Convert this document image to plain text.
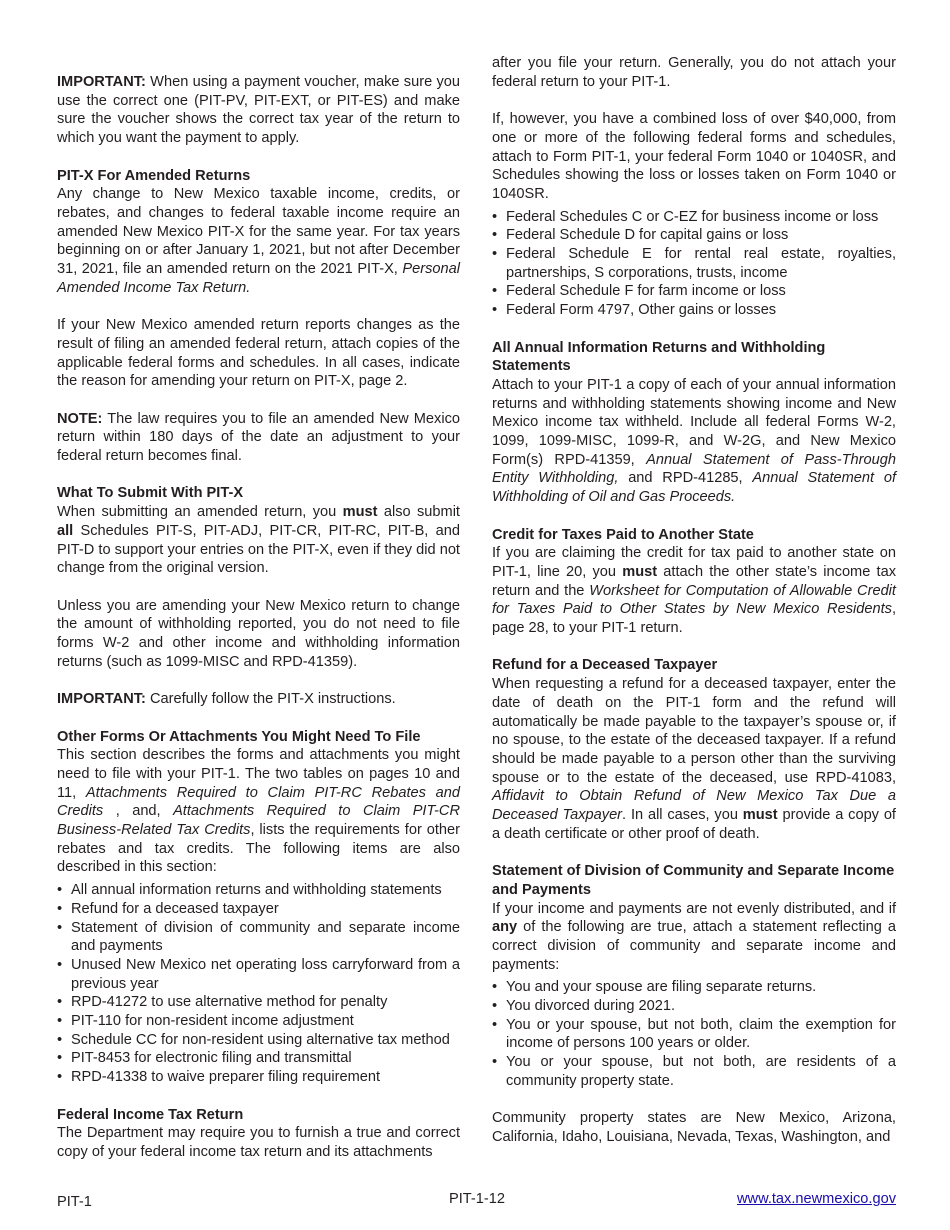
IMPORTANT: When using a payment voucher, make sure you use the correct one (PIT-PV, PIT-EXT, or PIT-ES) and make sure the voucher shows the correct tax year of the return to which you want the payment to apply.

PIT-X For Amended Returns

Any change to New Mexico taxable income, credits, or rebates, and changes to federal taxable income require an amended New Mexico PIT-X for the same year. For tax years beginning on or after January 1, 2021, but not after December 31, 2021, file an amended return on the 2021 PIT-X, Personal Amended Income Tax Return.

If your New Mexico amended return reports changes as the result of filing an amended federal return, attach copies of the applicable federal forms and schedules. In all cases, indicate the reason for amending your return on PIT-X, page 2.

NOTE: The law requires you to file an amended New Mexico return within 180 days of the date an adjustment to your federal return becomes final.

What To Submit With PIT-X

When submitting an amended return, you must also submit all Schedules PIT-S, PIT-ADJ, PIT-CR, PIT-RC, PIT-B, and PIT-D to support your entries on the PIT-X, even if they did not change from the original version.

Unless you are amending your New Mexico return to change the amount of withholding reported, you do not need to file forms W-2 and other income and withholding information returns (such as 1099-MISC and RPD-41359).

IMPORTANT: Carefully follow the PIT-X instructions.

Other Forms Or Attachments You Might Need To File

This section describes the forms and attachments you might need to file with your PIT-1. The two tables on pages 10 and 11, Attachments Required to Claim PIT-RC Rebates and Credits , and, Attachments Required to Claim PIT-CR Business-Related Tax Credits, lists the requirements for other rebates and tax credits. The following items are also described in this section:

• All annual information returns and withholding statements
• Refund for a deceased taxpayer
• Statement of division of community and separate income and payments
• Unused New Mexico net operating loss carryforward from a previous year
• RPD-41272 to use alternative method for penalty
• PIT-110 for non-resident income adjustment
• Schedule CC for non-resident using alternative tax method
• PIT-8453 for electronic filing and transmittal
• RPD-41338 to waive preparer filing requirement
Federal Income Tax Return

The Department may require you to furnish a true and correct copy of your federal income tax return and its attachments

after you file your return. Generally, you do not attach your federal return to your PIT-1.

If, however, you have a combined loss of over $40,000, from one or more of the following federal forms and schedules, attach to Form PIT-1, your federal Form 1040 or 1040SR, and Schedules showing the loss or losses taken on Form 1040 or 1040SR.

• Federal Schedules C or C-EZ for business income or loss
• Federal Schedule D for capital gains or loss
• Federal Schedule E for rental real estate, royalties, partnerships, S corporations, trusts, income
• Federal Schedule F for farm income or loss
• Federal Form 4797, Other gains or losses
All Annual Information Returns and Withholding Statements

Attach to your PIT-1 a copy of each of your annual information returns and withholding statements showing income and New Mexico income tax withheld. Include all federal Forms W-2, 1099, 1099-MISC, 1099-R, and W-2G, and New Mexico Form(s) RPD-41359, Annual Statement of Pass-Through Entity Withholding, and RPD-41285, Annual Statement of Withholding of Oil and Gas Proceeds.

Credit for Taxes Paid to Another State

If you are claiming the credit for tax paid to another state on PIT-1, line 20, you must attach the other state’s income tax return and the Worksheet for Computation of Allowable Credit for Taxes Paid to Other States by New Mexico Residents, page 28, to your PIT-1 return.

Refund for a Deceased Taxpayer

When requesting a refund for a deceased taxpayer, enter the date of death on the PIT-1 form and the refund will automatically be made payable to the taxpayer’s spouse or, if no spouse, to the estate of the deceased taxpayer. If a refund should be made payable to a person other than the surviving spouse or to the estate of the deceased, use RPD-41083, Affidavit to Obtain Refund of New Mexico Tax Due a Deceased Taxpayer. In all cases, you must provide a copy of a death certificate or other proof of death.

Statement of Division of Community and Separate Income and Payments

If your income and payments are not evenly distributed, and if any of the following are true, attach a statement reflecting a correct division of community and separate income and payments:

• You and your spouse are filing separate returns.
• You divorced during 2021.
• You or your spouse, but not both, claim the exemption for income of persons 100 years or older.
• You or your spouse, but not both, are residents of a community property state.

Community property states are New Mexico, Arizona, California, Idaho, Louisiana, Nevada, Texas, Washington, and

PIT-1	PIT-1-12	www.tax.newmexico.gov
